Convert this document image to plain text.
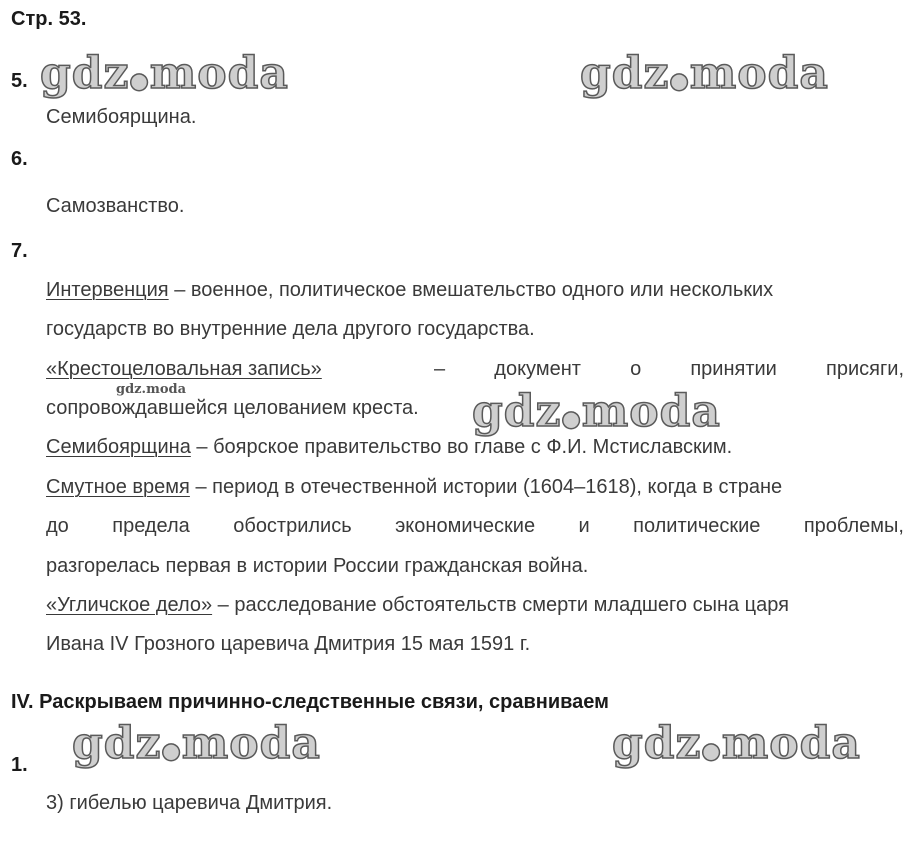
Стр. 53.
5.
Семибоярщина.
6.
Самозванство.
7.
Интервенция – военное, политическое вмешательство одного или нескольких
государств во внутренние дела другого государства.
«Крестоцеловальная запись»	– документ о принятии присяги,
сопровождавшейся целованием креста.
Семибоярщина – боярское правительство во главе с Ф.И. Мстиславским.
Смутное время – период в отечественной истории (1604–1618), когда в стране
до предела обострились экономические и политические проблемы,
разгорелась первая в истории России гражданская война.
«Угличское дело» – расследование обстоятельств смерти младшего сына царя
Ивана IV Грозного царевича Дмитрия 15 мая 1591 г.
IV. Раскрываем причинно-следственные связи, сравниваем
1.
3) гибелью царевича Дмитрия.
gdz●moda	gdz●moda
gdz.moda	gdz●moda
gdz●moda	gdz●moda
